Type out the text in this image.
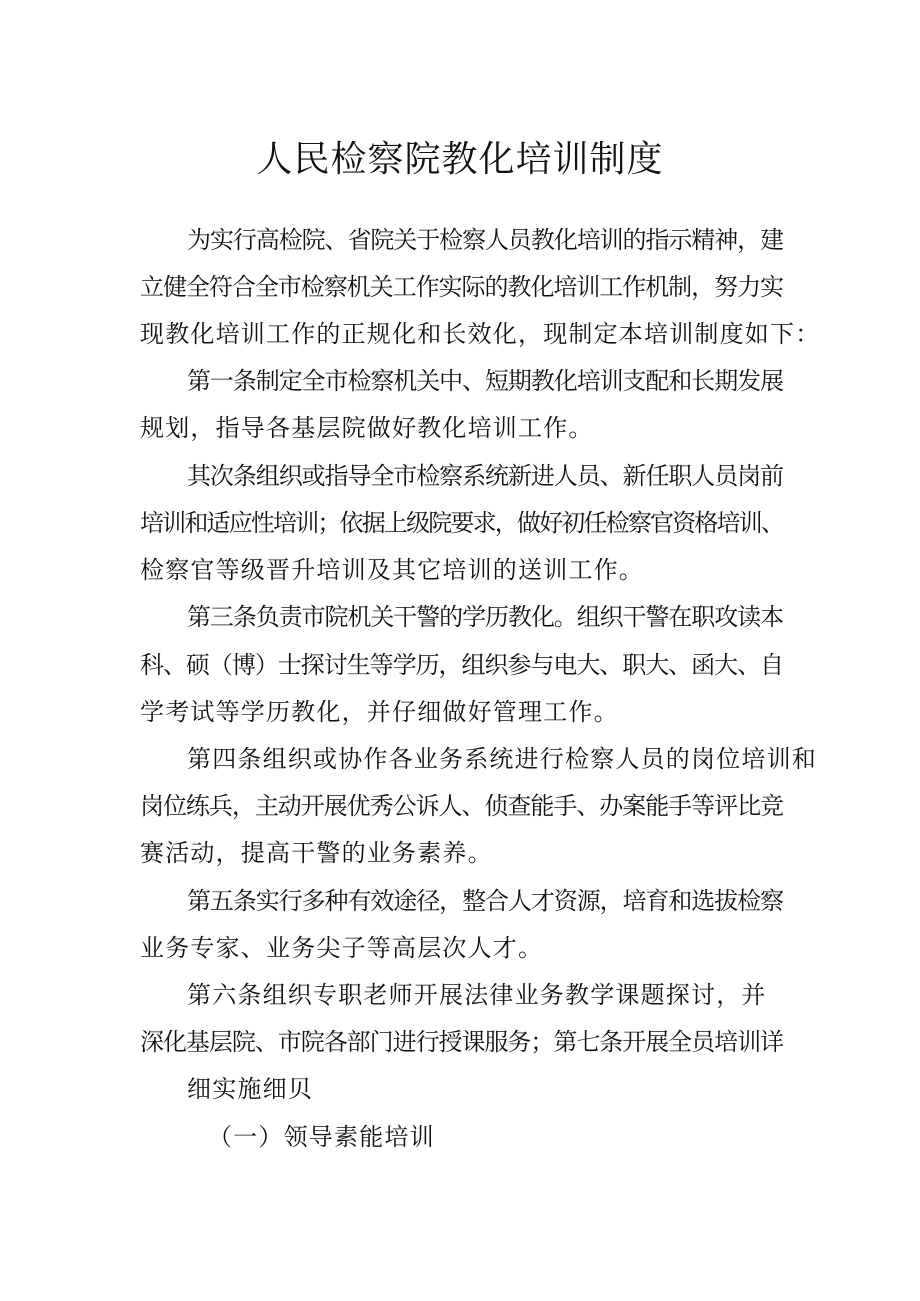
人民检察院教化培训制度
为实行高检院、省院关于检察人员教化培训的指示精神，建
立健全符合全市检察机关工作实际的教化培训工作机制，努力实
现教化培训工作的正规化和长效化，现制定本培训制度如下：
第一条制定全市检察机关中、短期教化培训支配和长期发展
规划，指导各基层院做好教化培训工作。
其次条组织或指导全市检察系统新进人员、新任职人员岗前
培训和适应性培训；依据上级院要求，做好初任检察官资格培训、
检察官等级晋升培训及其它培训的送训工作。
第三条负责市院机关干警的学历教化。组织干警在职攻读本
科、硕（博）士探讨生等学历，组织参与电大、职大、函大、自
学考试等学历教化，并仔细做好管理工作。
第四条组织或协作各业务系统进行检察人员的岗位培训和
岗位练兵，主动开展优秀公诉人、侦查能手、办案能手等评比竞
赛活动，提高干警的业务素养。
第五条实行多种有效途径，整合人才资源，培育和选拔检察
业务专家、业务尖子等高层次人才。
第六条组织专职老师开展法律业务教学课题探讨，并
深化基层院、市院各部门进行授课服务；第七条开展全员培训详
细实施细贝
（一）领导素能培训
